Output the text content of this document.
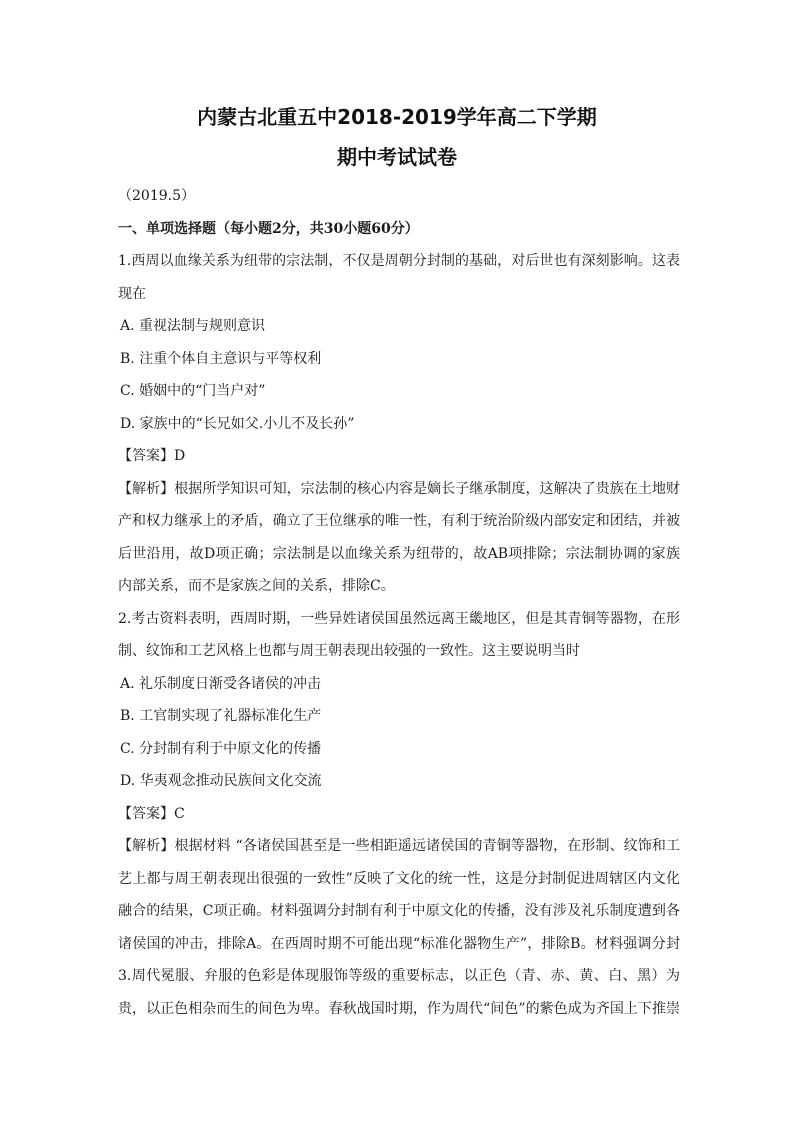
内蒙古北重五中2018-2019学年高二下学期
期中考试试卷
（2019.5）
一、单项选择题（每小题2分，共30小题60分）
1.西周以血缘关系为纽带的宗法制，不仅是周朝分封制的基础，对后世也有深刻影响。这表现在
A. 重视法制与规则意识
B. 注重个体自主意识与平等权利
C. 婚姻中的“门当户对”
D. 家族中的“长兄如父.小儿不及长孙”
【答案】D
【解析】根据所学知识可知，宗法制的核心内容是嫡长子继承制度，这解决了贵族在土地财产和权力继承上的矛盾，确立了王位继承的唯一性，有利于统治阶级内部安定和团结，并被后世沿用，故D项正确；宗法制是以血缘关系为纽带的，故AB项排除；宗法制协调的家族内部关系，而不是家族之间的关系，排除C。
2.考古资料表明，西周时期，一些异姓诸侯国虽然远离王畿地区，但是其青铜等器物，在形制、纹饰和工艺风格上也都与周王朝表现出较强的一致性。这主要说明当时
A. 礼乐制度日渐受各诸侯的冲击
B. 工官制实现了礼器标准化生产
C. 分封制有利于中原文化的传播
D. 华夷观念推动民族间文化交流
【答案】C
【解析】根据材料 “各诸侯国甚至是一些相距遥远诸侯国的青铜等器物，在形制、纹饰和工艺上都与周王朝表现出很强的一致性”反映了文化的统一性，这是分封制促进周辖区内文化融合的结果，C项正确。材料强调分封制有利于中原文化的传播，没有涉及礼乐制度遭到各诸侯国的冲击，排除A。在西周时期不可能出现“标准化器物生产”，排除B。材料强调分封
3.周代冕服、弁服的色彩是体现服饰等级的重要标志，以正色（青、赤、黄、白、黑）为贵，以正色相杂而生的间色为卑。春秋战国时期，作为周代“间色”的紫色成为齐国上下推崇
